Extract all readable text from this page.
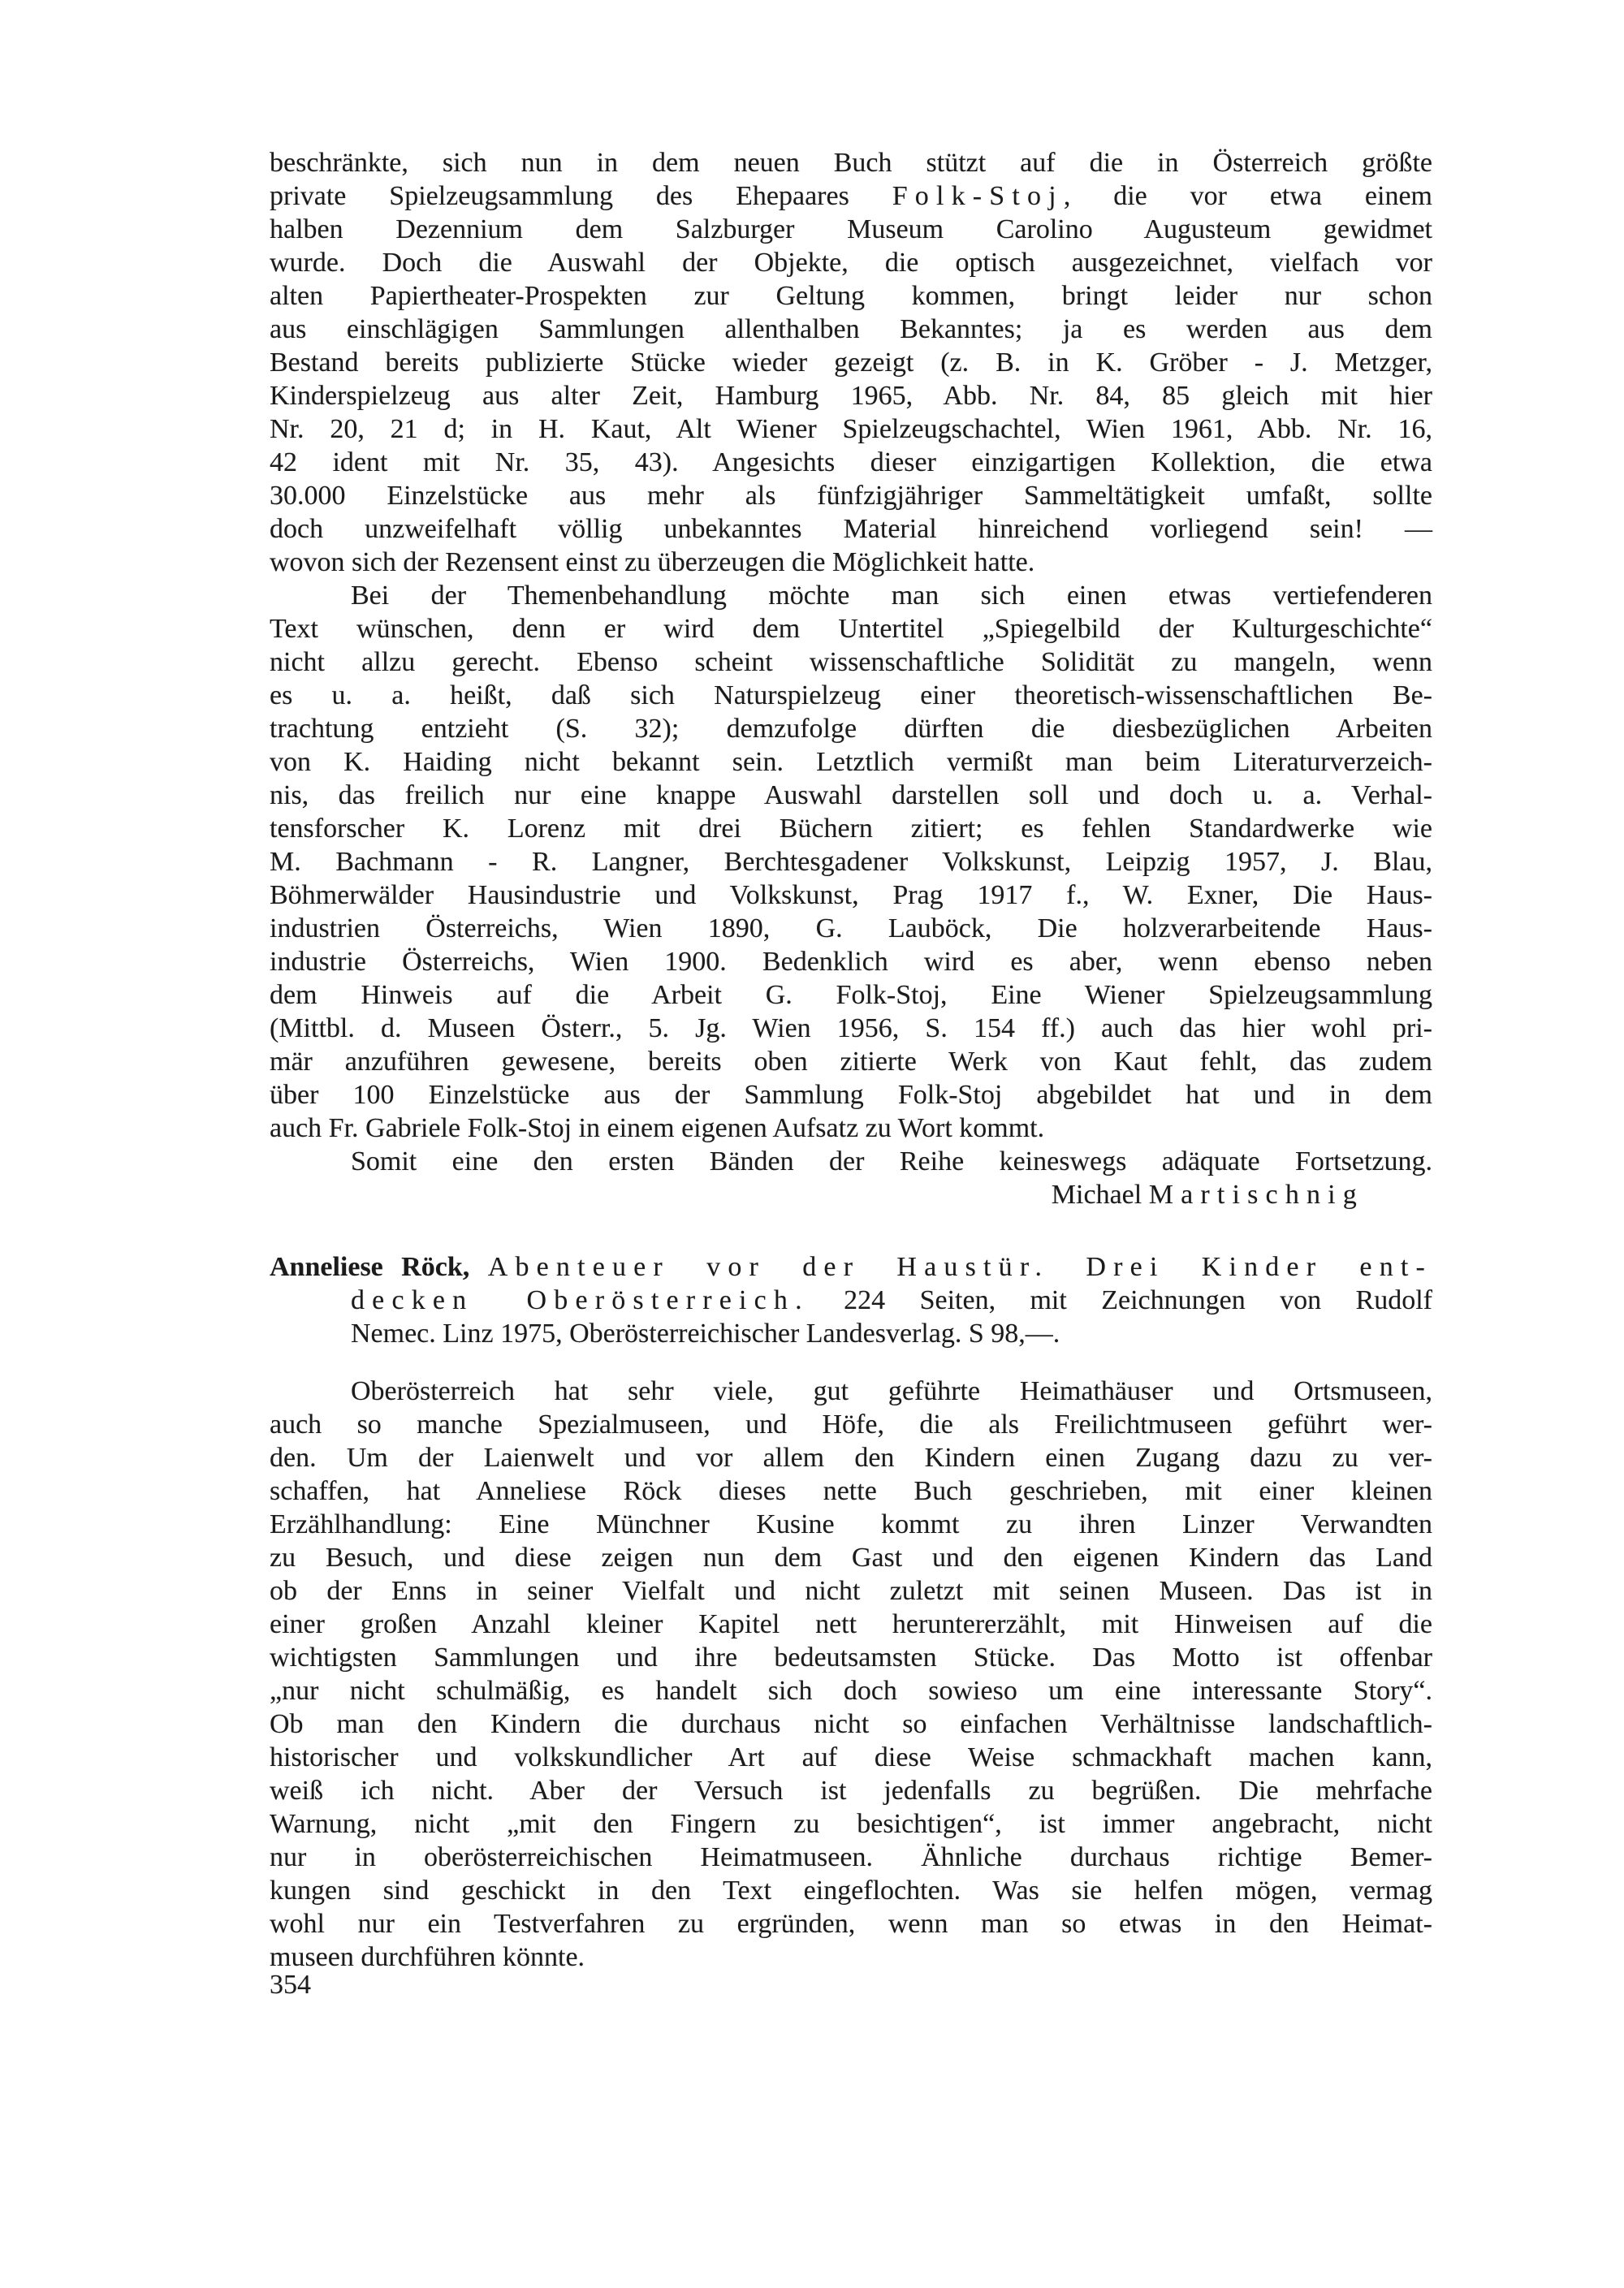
beschränkte, sich nun in dem neuen Buch stützt auf die in Österreich größte
private Spielzeugsammlung des Ehepaares Folk-Stoj, die vor etwa einem
halben Dezennium dem Salzburger Museum Carolino Augusteum gewidmet
wurde. Doch die Auswahl der Objekte, die optisch ausgezeichnet, vielfach vor
alten Papiertheater-Prospekten zur Geltung kommen, bringt leider nur schon
aus einschlägigen Sammlungen allenthalben Bekanntes; ja es werden aus dem
Bestand bereits publizierte Stücke wieder gezeigt (z. B. in K. Gröber - J. Metzger,
Kinderspielzeug aus alter Zeit, Hamburg 1965, Abb. Nr. 84, 85 gleich mit hier
Nr. 20, 21 d; in H. Kaut, Alt Wiener Spielzeugschachtel, Wien 1961, Abb. Nr. 16,
42 ident mit Nr. 35, 43). Angesichts dieser einzigartigen Kollektion, die etwa
30.000 Einzelstücke aus mehr als fünfzigjähriger Sammeltätigkeit umfaßt, sollte
doch unzweifelhaft völlig unbekanntes Material hinreichend vorliegend sein! —
wovon sich der Rezensent einst zu überzeugen die Möglichkeit hatte.
Bei der Themenbehandlung möchte man sich einen etwas vertiefenderen
Text wünschen, denn er wird dem Untertitel „Spiegelbild der Kulturgeschichte“
nicht allzu gerecht. Ebenso scheint wissenschaftliche Solidität zu mangeln, wenn
es u. a. heißt, daß sich Naturspielzeug einer theoretisch-wissenschaftlichen Be-
trachtung entzieht (S. 32); demzufolge dürften die diesbezüglichen Arbeiten
von K. Haiding nicht bekannt sein. Letztlich vermißt man beim Literaturverzeich-
nis, das freilich nur eine knappe Auswahl darstellen soll und doch u. a. Verhal-
tensforscher K. Lorenz mit drei Büchern zitiert; es fehlen Standardwerke wie
M. Bachmann - R. Langner, Berchtesgadener Volkskunst, Leipzig 1957, J. Blau,
Böhmerwälder Hausindustrie und Volkskunst, Prag 1917 f., W. Exner, Die Haus-
industrien Österreichs, Wien 1890, G. Lauböck, Die holzverarbeitende Haus-
industrie Österreichs, Wien 1900. Bedenklich wird es aber, wenn ebenso neben
dem Hinweis auf die Arbeit G. Folk-Stoj, Eine Wiener Spielzeugsammlung
(Mittbl. d. Museen Österr., 5. Jg. Wien 1956, S. 154 ff.) auch das hier wohl pri-
mär anzuführen gewesene, bereits oben zitierte Werk von Kaut fehlt, das zudem
über 100 Einzelstücke aus der Sammlung Folk-Stoj abgebildet hat und in dem
auch Fr. Gabriele Folk-Stoj in einem eigenen Aufsatz zu Wort kommt.
Somit eine den ersten Bänden der Reihe keineswegs adäquate Fortsetzung.
Michael Martischnig
Anneliese Röck, Abenteuer vor der Haustür. Drei Kinder ent-
decken Oberösterreich. 224 Seiten, mit Zeichnungen von Rudolf
Nemec. Linz 1975, Oberösterreichischer Landesverlag. S 98,—.
Oberösterreich hat sehr viele, gut geführte Heimathäuser und Ortsmuseen,
auch so manche Spezialmuseen, und Höfe, die als Freilichtmuseen geführt wer-
den. Um der Laienwelt und vor allem den Kindern einen Zugang dazu zu ver-
schaffen, hat Anneliese Röck dieses nette Buch geschrieben, mit einer kleinen
Erzählhandlung: Eine Münchner Kusine kommt zu ihren Linzer Verwandten
zu Besuch, und diese zeigen nun dem Gast und den eigenen Kindern das Land
ob der Enns in seiner Vielfalt und nicht zuletzt mit seinen Museen. Das ist in
einer großen Anzahl kleiner Kapitel nett heruntererzählt, mit Hinweisen auf die
wichtigsten Sammlungen und ihre bedeutsamsten Stücke. Das Motto ist offenbar
„nur nicht schulmäßig, es handelt sich doch sowieso um eine interessante Story“.
Ob man den Kindern die durchaus nicht so einfachen Verhältnisse landschaftlich-
historischer und volkskundlicher Art auf diese Weise schmackhaft machen kann,
weiß ich nicht. Aber der Versuch ist jedenfalls zu begrüßen. Die mehrfache
Warnung, nicht „mit den Fingern zu besichtigen“, ist immer angebracht, nicht
nur in oberösterreichischen Heimatmuseen. Ähnliche durchaus richtige Bemer-
kungen sind geschickt in den Text eingeflochten. Was sie helfen mögen, vermag
wohl nur ein Testverfahren zu ergründen, wenn man so etwas in den Heimat-
museen durchführen könnte.
354
